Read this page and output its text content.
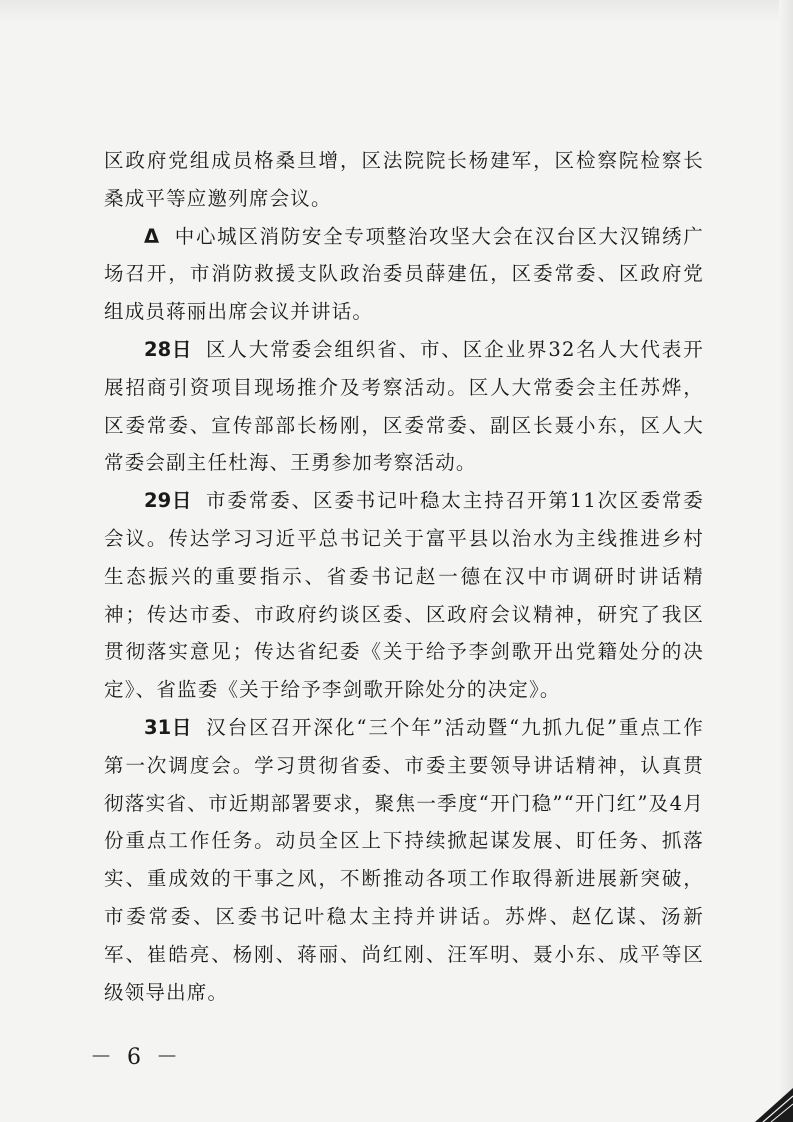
区政府党组成员格桑旦增，区法院院长杨建军，区检察院检察长桑成平等应邀列席会议。

Δ 中心城区消防安全专项整治攻坚大会在汉台区大汉锦绣广场召开，市消防救援支队政治委员薛建伍，区委常委、区政府党组成员蒋丽出席会议并讲话。

28日 区人大常委会组织省、市、区企业界32名人大代表开展招商引资项目现场推介及考察活动。区人大常委会主任苏烨，区委常委、宣传部部长杨刚，区委常委、副区长聂小东，区人大常委会副主任杜海、王勇参加考察活动。

29日 市委常委、区委书记叶稳太主持召开第11次区委常委会议。传达学习习近平总书记关于富平县以治水为主线推进乡村生态振兴的重要指示、省委书记赵一德在汉中市调研时讲话精神；传达市委、市政府约谈区委、区政府会议精神，研究了我区贯彻落实意见；传达省纪委《关于给予李剑歌开出党籍处分的决定》、省监委《关于给予李剑歌开除处分的决定》。

31日 汉台区召开深化“三个年”活动暨“九抓九促”重点工作第一次调度会。学习贯彻省委、市委主要领导讲话精神，认真贯彻落实省、市近期部署要求，聚焦一季度“开门稳”“开门红”及4月份重点工作任务。动员全区上下持续掀起谋发展、盯任务、抓落实、重成效的干事之风，不断推动各项工作取得新进展新突破，市委常委、区委书记叶稳太主持并讲话。苏烨、赵亿谋、汤新军、崔皓亮、杨刚、蒋丽、尚红刚、汪军明、聂小东、成平等区级领导出席。

－ 6 －
